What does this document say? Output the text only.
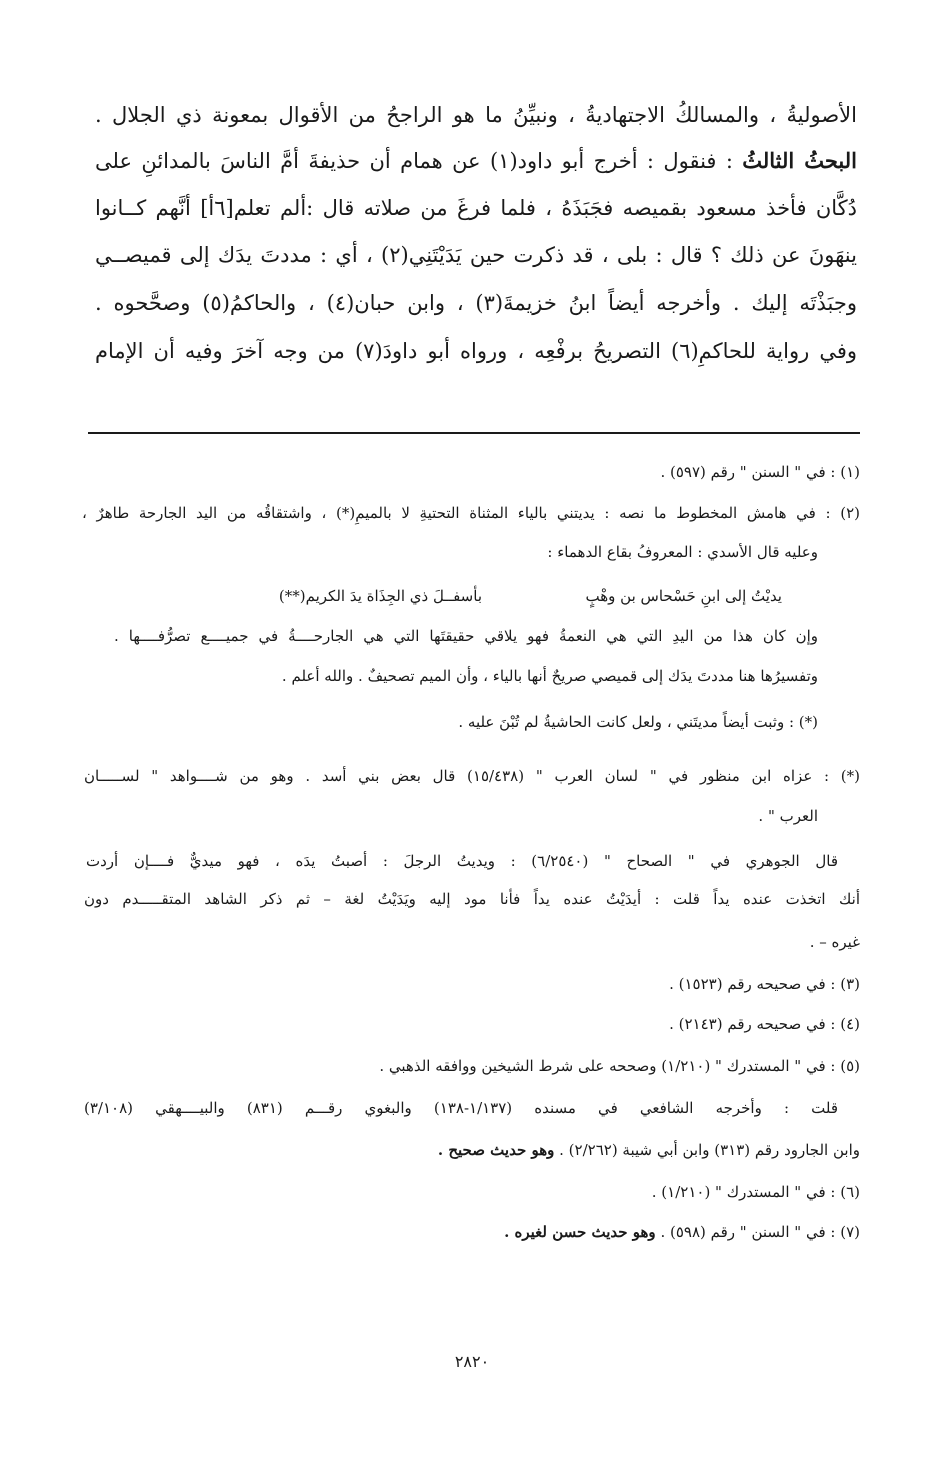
الأصوليةُ ، والمسالكُ الاجتهاديةُ ، ونبيِّنُ ما هو الراجحُ من الأقوال بمعونة ذي الجلال .
البحثُ الثالثُ : فنقول : أخرج أبو داود(١) عن همام أن حذيفةَ أمَّ الناسَ بالمدائنِ على
دُكَّان فأخذ مسعود بقميصه فجَبَذَهُ ، فلما فرغَ من صلاته قال :ألم تعلم[٦أ] أنَّهم كــانوا
ينهَونَ عن ذلك ؟ قال : بلى ، قد ذكرت حين يَدَيْتَنِي(٢) ، أي : مددتَ يدَك إلى قميصــي
وجبَذْتَه إليك . وأخرجه أيضاً ابنُ خزيمةَ(٣) ، وابن حبان(٤) ، والحاكمُ(٥) وصحَّحوه .
وفي رواية للحاكمِ(٦) التصريحُ برفْعِه ، ورواه أبو داودَ(٧) من وجه آخرَ وفيه أن الإمام
(١) : في " السنن " رقم (٥٩٧) .
(٢) : في هامش المخطوط ما نصه : يديتني بالياء المثناة التحتيةِ لا بالميمِ(*) ، واشتقاقُه من اليد الجارحة طاهرٌ ،
وعليه قال الأسدي : المعروفُ بقاع الدهماء :
يديْتُ إلى ابنِ حَسْحاس بن وهْبٍ
بأسفــلَ ذي الجِذَاة يدَ الكريم(**)
وإن كان هذا من اليدِ التي هي النعمةُ فهو يلاقي حقيقتَها التي هي الجارحــــةُ في جميــــع تصرُّفــــها .
وتفسيرُها هنا مددتَ يدَك إلى قميصي صريحٌ أنها بالياء ، وأن الميم تصحيفٌ . والله أعلم .
(*) : وثبت أيضاً مديتَني ، ولعل كانت الحاشيةُ لم تُبْنَ عليه .
(*) : عزاه ابن منظور في " لسان العرب " (١٥/٤٣٨) قال بعض بني أسد . وهو من شــــواهد " لســـــان
العرب " .
قال الجوهري في " الصحاح " (٦/٢٥٤٠) : ويديتُ الرجلَ : أصبتُ يدَه ، فهو ميديٌّ فــــإن أردت
أنك اتخذت عنده يداً قلت : أيدَيْتُ عنده يداً فأنا مود إليه ويَدَيْتُ لغة – ثم ذكر الشاهد المتقـــــدم دون
غيره – .
(٣) : في صحيحه رقم (١٥٢٣) .
(٤) : في صحيحه رقم (٢١٤٣) .
(٥) : في " المستدرك " (١/٢١٠) وصححه على شرط الشيخين ووافقه الذهبي .
قلت : وأخرجه الشافعي في مسنده (١/١٣٧-١٣٨) والبغوي رقـــم (٨٣١) والبيــــهقي (٣/١٠٨)
وابن الجارود رقم (٣١٣) وابن أبي شيبة (٢/٢٦٢) . وهو حديث صحيح .
(٦) : في " المستدرك " (١/٢١٠) .
(٧) : في " السنن " رقم (٥٩٨) . وهو حديث حسن لغيره .
٢٨٢٠
